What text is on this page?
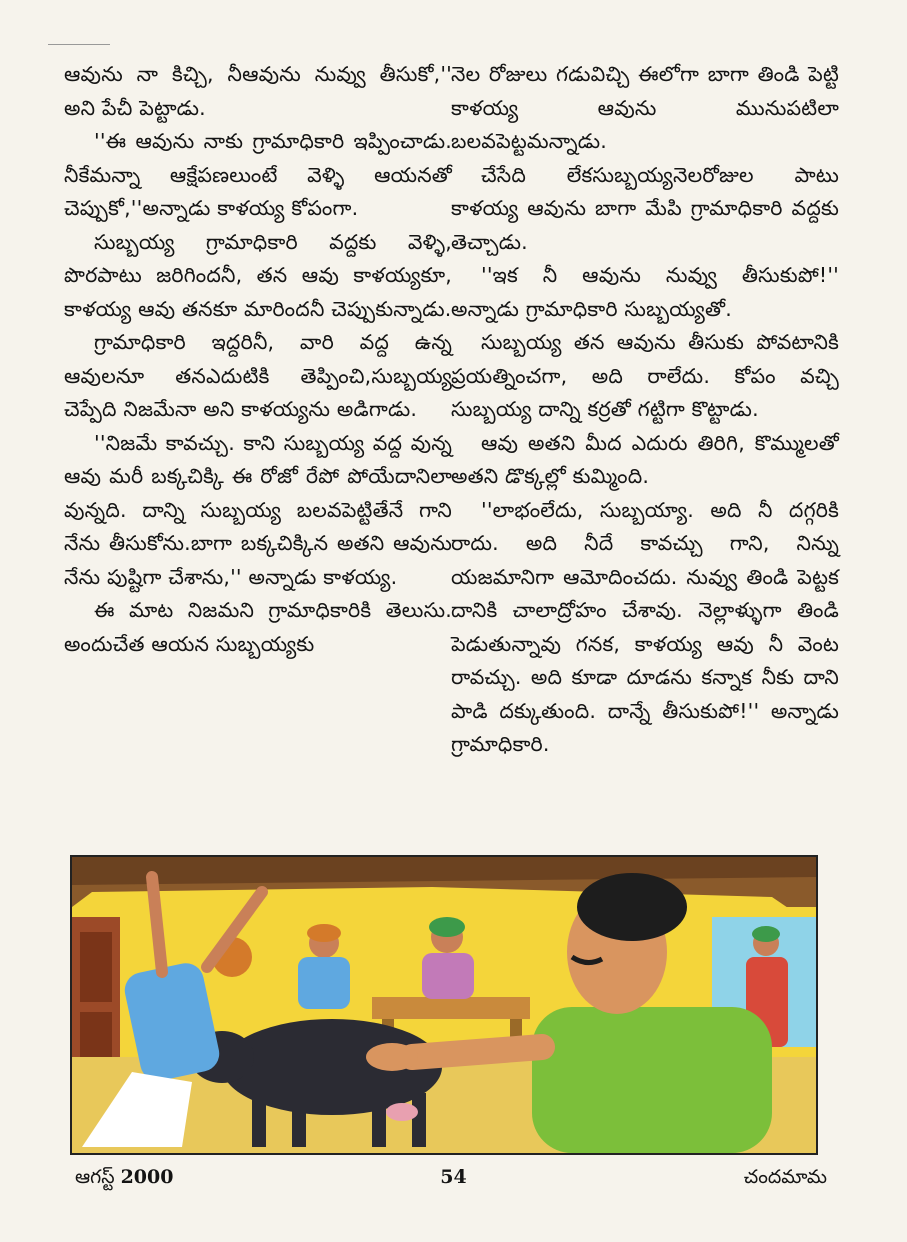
ఆవును నా కిచ్చి, నీఆవును నువ్వు తీసుకో,'' అని పేచీ పెట్టాడు.

''ఈ ఆవును నాకు గ్రామాధికారి ఇప్పించాడు. నీకేమన్నా ఆక్షేపణలుంటే వెళ్ళి ఆయనతో చెప్పుకో,''అన్నాడు కాళయ్య కోపంగా.

సుబ్బయ్య గ్రామాధికారి వద్దకు వెళ్ళి, పొరపాటు జరిగిందనీ, తన ఆవు కాళయ్యకూ, కాళయ్య ఆవు తనకూ మారిందనీ చెప్పుకున్నాడు.

గ్రామాధికారి ఇద్దరినీ, వారి వద్ద ఉన్న ఆవులనూ తనఎదుటికి తెప్పించి,సుబ్బయ్య చెప్పేది నిజమేనా అని కాళయ్యను అడిగాడు.

''నిజమే కావచ్చు. కాని సుబ్బయ్య వద్ద వున్న ఆవు మరీ బక్కచిక్కి ఈ రోజో రేపో పోయేదానిలా వున్నది. దాన్ని సుబ్బయ్య బలవపెట్టితేనే గాని నేను తీసుకోను.బాగా బక్కచిక్కిన అతని ఆవును నేను పుష్టిగా చేశాను,'' అన్నాడు కాళయ్య.

ఈ మాట నిజమని గ్రామాధికారికి తెలుసు. అందుచేత ఆయన సుబ్బయ్యకు

నెల రోజులు గడువిచ్చి ఈలోగా బాగా తిండి పెట్టి కాళయ్య ఆవును మునుపటిలా బలవపెట్టమన్నాడు.

చేసేది లేకసుబ్బయ్యనెలరోజుల పాటు కాళయ్య ఆవును బాగా మేపి గ్రామాధికారి వద్దకు తెచ్చాడు.

''ఇక నీ ఆవును నువ్వు తీసుకుపో!'' అన్నాడు గ్రామాధికారి సుబ్బయ్యతో.

సుబ్బయ్య తన ఆవును తీసుకు పోవటానికి ప్రయత్నించగా, అది రాలేదు. కోపం వచ్చి సుబ్బయ్య దాన్ని కర్రతో గట్టిగా కొట్టాడు.

ఆవు అతని మీద ఎదురు తిరిగి, కొమ్ములతో అతని డొక్కల్లో కుమ్మింది.

''లాభంలేదు, సుబ్బయ్యా. అది నీ దగ్గరికి రాదు. అది నీదే కావచ్చు గాని, నిన్ను యజమానిగా ఆమోదించదు. నువ్వు తిండి పెట్టక దానికి చాలాద్రోహం చేశావు. నెల్లాళ్ళుగా తిండి పెడుతున్నావు గనక, కాళయ్య ఆవు నీ వెంట రావచ్చు. అది కూడా దూడను కన్నాక నీకు దాని పాడి దక్కుతుంది. దాన్నే తీసుకుపో!'' అన్నాడు గ్రామాధికారి.

ఆగస్ట్ 2000	54	చందమామ
